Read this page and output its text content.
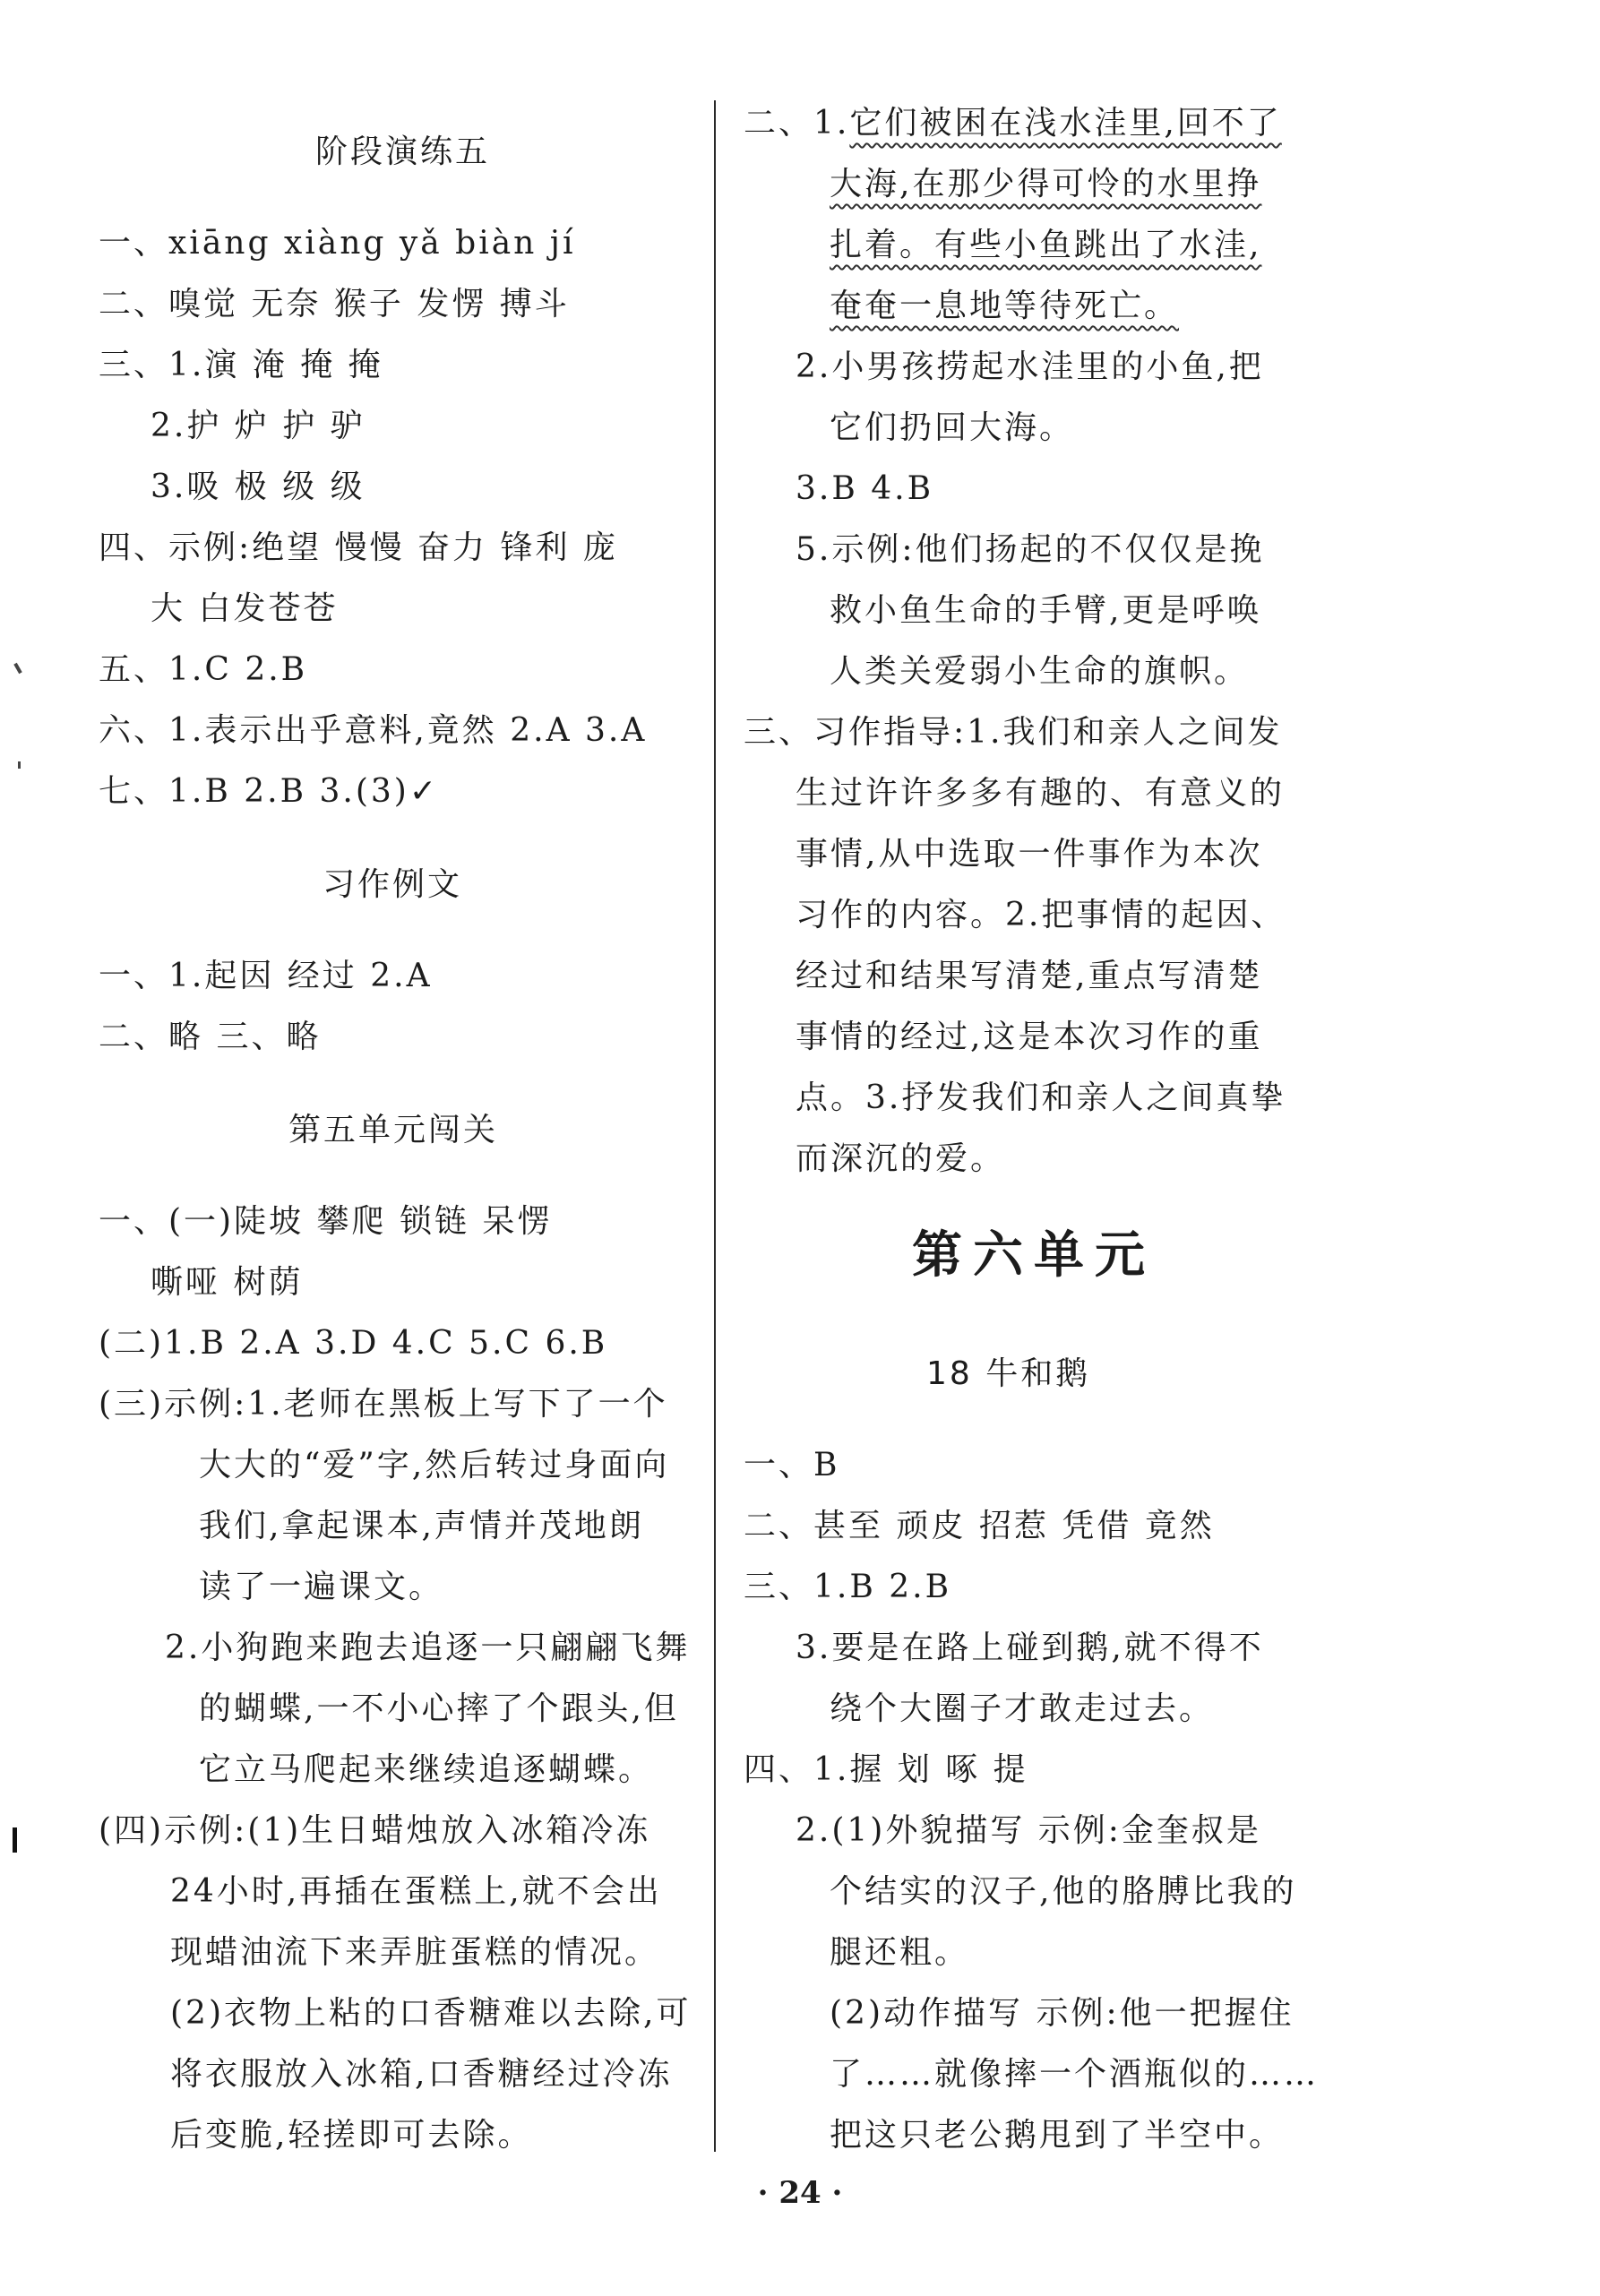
阶段演练五
一、xiāng xiàng yǎ biàn jí
二、嗅觉 无奈 猴子 发愣 搏斗
三、1.演 淹 掩 掩
2.护 炉 护 驴
3.吸 极 级 级
四、示例:绝望 慢慢 奋力 锋利 庞
大 白发苍苍
五、1.C 2.B
六、1.表示出乎意料,竟然 2.A 3.A
七、1.B 2.B 3.(3)✓
习作例文
一、1.起因 经过 2.A
二、略 三、略
第五单元闯关
一、(一)陡坡 攀爬 锁链 呆愣
嘶哑 树荫
(二)1.B 2.A 3.D 4.C 5.C 6.B
(三)示例:1.老师在黑板上写下了一个
大大的“爱”字,然后转过身面向
我们,拿起课本,声情并茂地朗
读了一遍课文。
2.小狗跑来跑去追逐一只翩翩飞舞
的蝴蝶,一不小心摔了个跟头,但
它立马爬起来继续追逐蝴蝶。
(四)示例:(1)生日蜡烛放入冰箱冷冻
24小时,再插在蛋糕上,就不会出
现蜡油流下来弄脏蛋糕的情况。
(2)衣物上粘的口香糖难以去除,可
将衣服放入冰箱,口香糖经过冷冻
后变脆,轻搓即可去除。
二、1.它们被困在浅水洼里,回不了
大海,在那少得可怜的水里挣
扎着。有些小鱼跳出了水洼,
奄奄一息地等待死亡。
2.小男孩捞起水洼里的小鱼,把
它们扔回大海。
3.B 4.B
5.示例:他们扬起的不仅仅是挽
救小鱼生命的手臂,更是呼唤
人类关爱弱小生命的旗帜。
三、习作指导:1.我们和亲人之间发
生过许许多多有趣的、有意义的
事情,从中选取一件事作为本次
习作的内容。2.把事情的起因、
经过和结果写清楚,重点写清楚
事情的经过,这是本次习作的重
点。3.抒发我们和亲人之间真挚
而深沉的爱。
第六单元
18 牛和鹅
一、B
二、甚至 顽皮 招惹 凭借 竟然
三、1.B 2.B
3.要是在路上碰到鹅,就不得不
绕个大圈子才敢走过去。
四、1.握 划 啄 提
2.(1)外貌描写 示例:金奎叔是
个结实的汉子,他的胳膊比我的
腿还粗。
(2)动作描写 示例:他一把握住
了……就像摔一个酒瓶似的……
把这只老公鹅甩到了半空中。
· 24 ·
